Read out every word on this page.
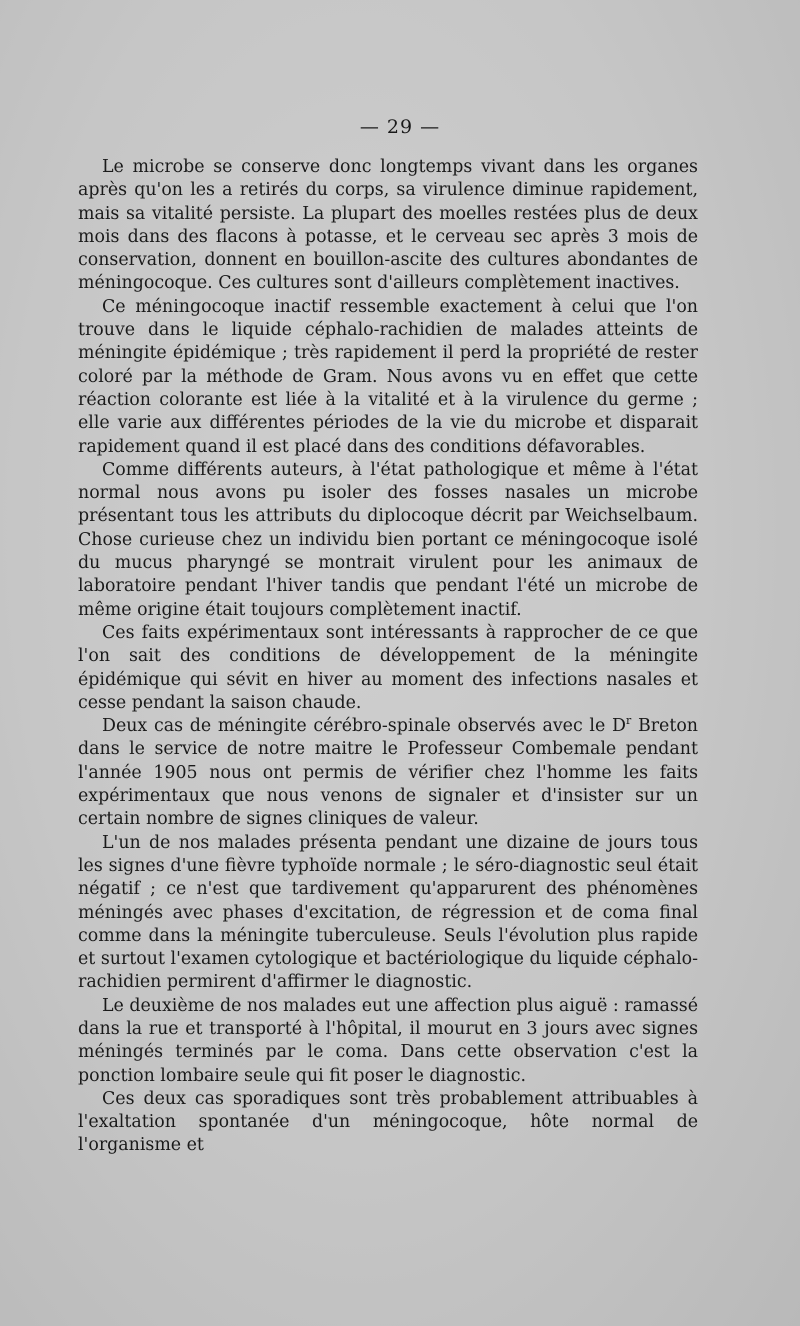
— 29 —

Le microbe se conserve donc longtemps vivant dans les organes après qu'on les a retirés du corps, sa virulence diminue rapidement, mais sa vitalité persiste. La plupart des moelles restées plus de deux mois dans des flacons à potasse, et le cerveau sec après 3 mois de conservation, donnent en bouillon-ascite des cultures abondantes de méningocoque. Ces cultures sont d'ailleurs complètement inactives.

Ce méningocoque inactif ressemble exactement à celui que l'on trouve dans le liquide céphalo-rachidien de malades atteints de méningite épidémique ; très rapidement il perd la propriété de rester coloré par la méthode de Gram. Nous avons vu en effet que cette réaction colorante est liée à la vitalité et à la virulence du germe ; elle varie aux différentes périodes de la vie du microbe et disparait rapidement quand il est placé dans des conditions défavorables.

Comme différents auteurs, à l'état pathologique et même à l'état normal nous avons pu isoler des fosses nasales un microbe présentant tous les attributs du diplocoque décrit par Weichselbaum. Chose curieuse chez un individu bien portant ce méningocoque isolé du mucus pharyngé se montrait virulent pour les animaux de laboratoire pendant l'hiver tandis que pendant l'été un microbe de même origine était toujours complètement inactif.

Ces faits expérimentaux sont intéressants à rapprocher de ce que l'on sait des conditions de développement de la méningite épidémique qui sévit en hiver au moment des infections nasales et cesse pendant la saison chaude.

Deux cas de méningite cérébro-spinale observés avec le $D^r$ Breton dans le service de notre maitre le Professeur Combemale pendant l'année 1905 nous ont permis de vérifier chez l'homme les faits expérimentaux que nous venons de signaler et d'insister sur un certain nombre de signes cliniques de valeur.

L'un de nos malades présenta pendant une dizaine de jours tous les signes d'une fièvre typhoïde normale ; le séro-diagnostic seul était négatif ; ce n'est que tardivement qu'apparurent des phénomènes méningés avec phases d'excitation, de régression et de coma final comme dans la méningite tuberculeuse. Seuls l'évolution plus rapide et surtout l'examen cytologique et bactériologique du liquide céphalo-rachidien permirent d'affirmer le diagnostic.

Le deuxième de nos malades eut une affection plus aiguë : ramassé dans la rue et transporté à l'hôpital, il mourut en 3 jours avec signes méningés terminés par le coma. Dans cette observation c'est la ponction lombaire seule qui fit poser le diagnostic.

Ces deux cas sporadiques sont très probablement attribuables à l'exaltation spontanée d'un méningocoque, hôte normal de l'organisme et
